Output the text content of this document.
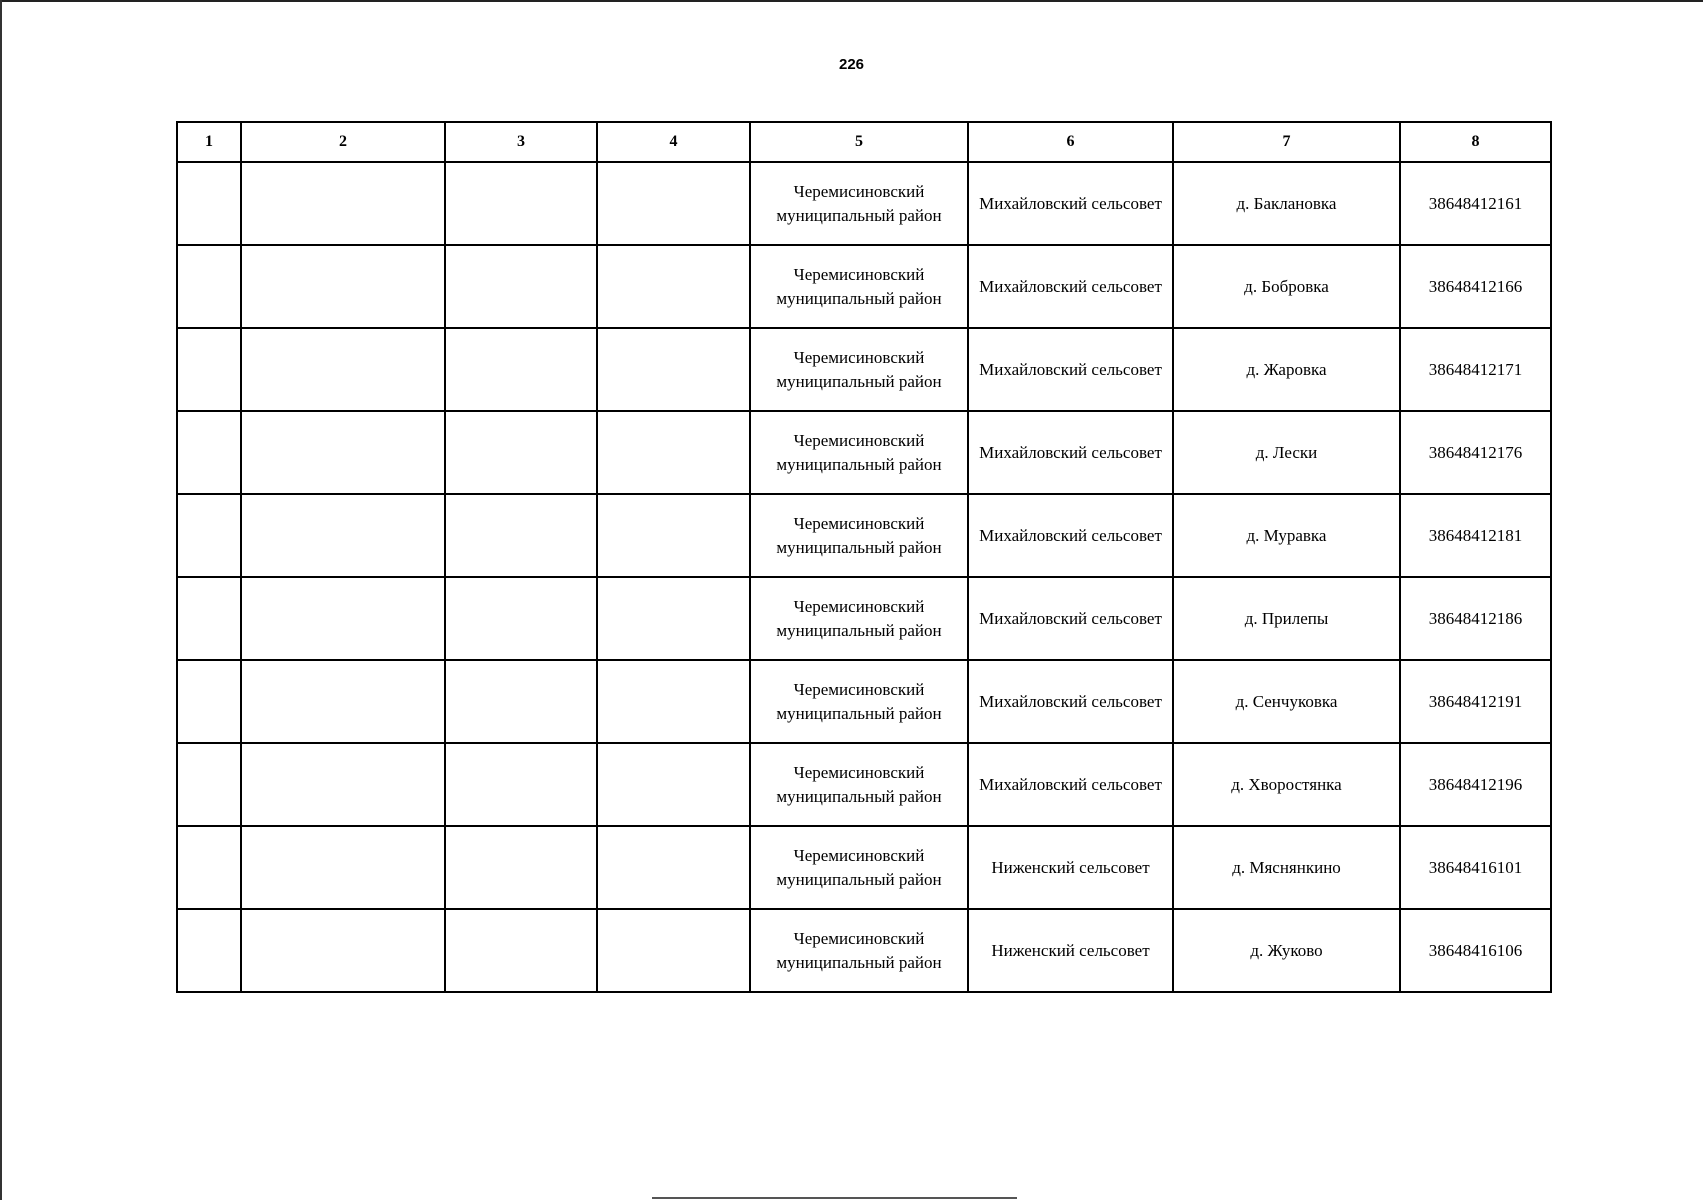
226
1	2	3	4	5	6	7	8
				Черемисиновский муниципальный район	Михайловский сельсовет	д. Баклановка	38648412161
				Черемисиновский муниципальный район	Михайловский сельсовет	д. Бобровка	38648412166
				Черемисиновский муниципальный район	Михайловский сельсовет	д. Жаровка	38648412171
				Черемисиновский муниципальный район	Михайловский сельсовет	д. Лески	38648412176
				Черемисиновский муниципальный район	Михайловский сельсовет	д. Муравка	38648412181
				Черемисиновский муниципальный район	Михайловский сельсовет	д. Прилепы	38648412186
				Черемисиновский муниципальный район	Михайловский сельсовет	д. Сенчуковка	38648412191
				Черемисиновский муниципальный район	Михайловский сельсовет	д. Хворостянка	38648412196
				Черемисиновский муниципальный район	Ниженский сельсовет	д. Мяснянкино	38648416101
				Черемисиновский муниципальный район	Ниженский сельсовет	д. Жуково	38648416106
